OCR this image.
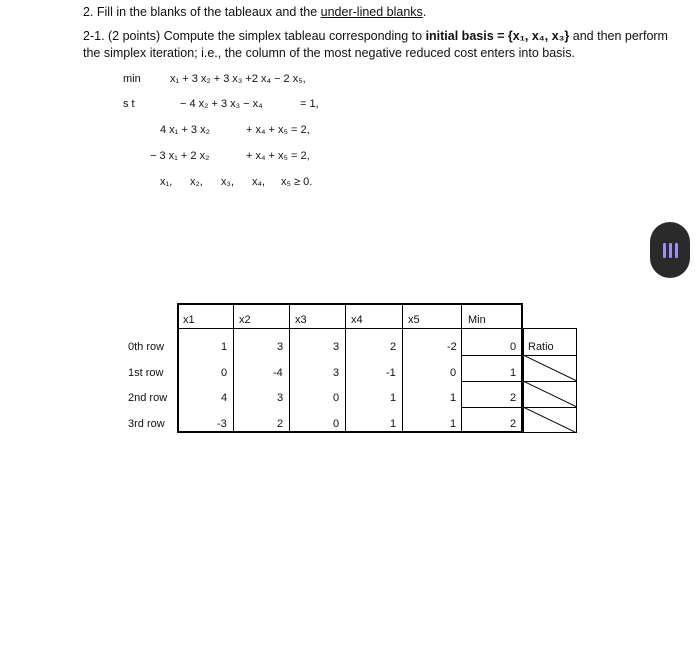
2. Fill in the blanks of the tableaux and the under-lined blanks.
2-1. (2 points) Compute the simplex tableau corresponding to initial basis = {x₁, x₄, x₃} and then perform
the simplex iteration; i.e., the column of the most negative reduced cost enters into basis.
min	x₁ + 3 x₂ + 3 x₃ +2 x₄ − 2 x₅,
s t	− 4 x₂ + 3 x₃ − x₄	= 1,
4 x₁ + 3 x₂	+ x₄ + x₅ = 2,
− 3 x₁ + 2 x₂	+ x₄ + x₅ = 2,
x₁, x₂, x₃, x₄, x₅ ≥ 0.
x1	x2	x3	x4	x5	Min
Ratio
0th row	1	3	3	2	-2	0
1st row	0	-4	3	-1	0	1
2nd row	4	3	0	1	1	2
3rd row	-3	2	0	1	1	2
